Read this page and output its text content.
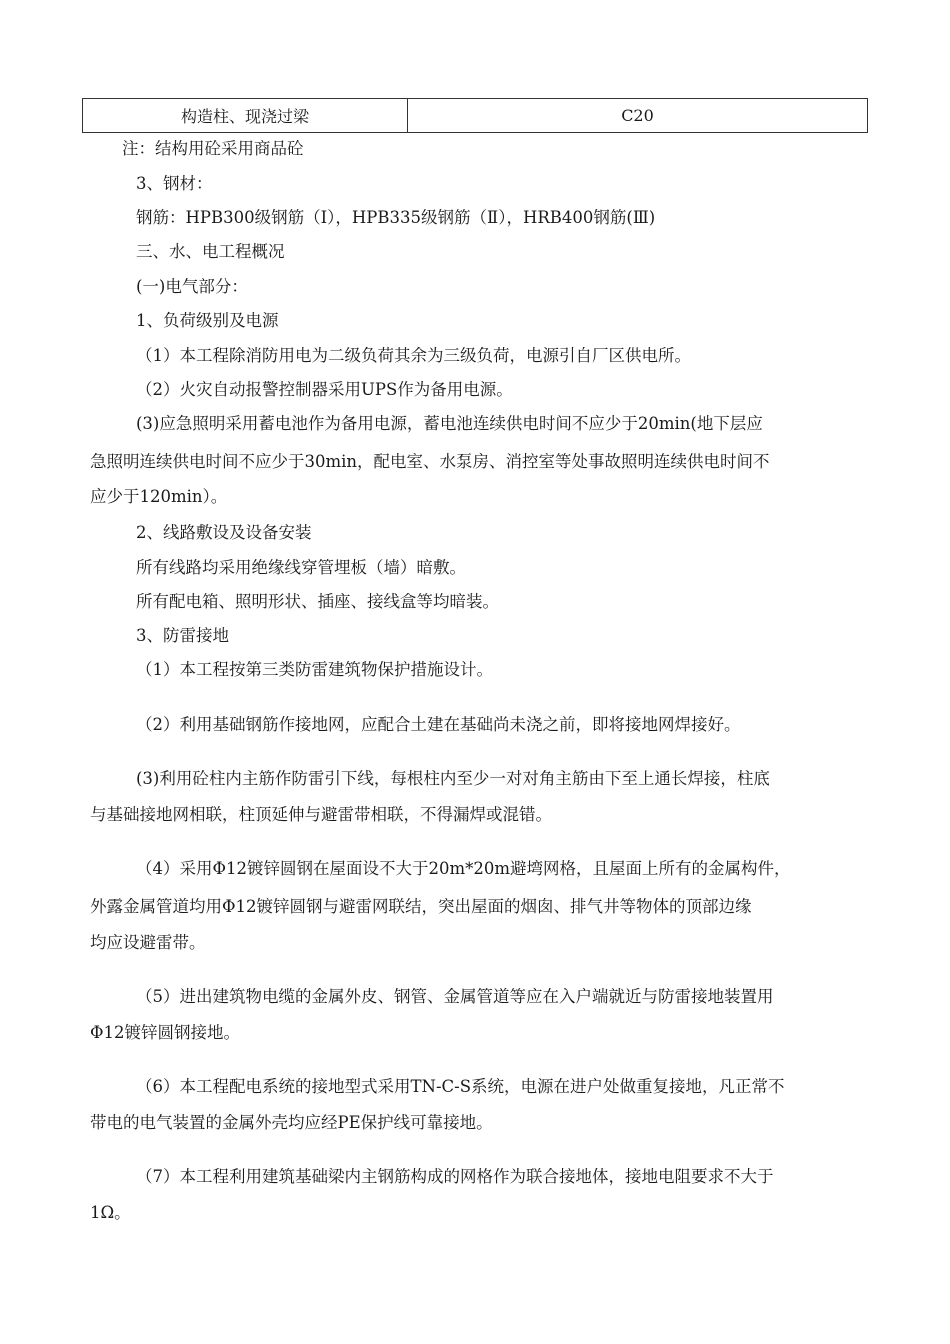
构造柱、现浇过梁	C20
注：结构用砼采用商品砼
3、钢材：
钢筋：HPB300级钢筋（Ⅰ），HPB335级钢筋（Ⅱ），HRB400钢筋(Ⅲ)
三、水、电工程概况
(一)电气部分：
1、负荷级别及电源
（1）本工程除消防用电为二级负荷其余为三级负荷，电源引自厂区供电所。
（2）火灾自动报警控制器采用UPS作为备用电源。
(3)应急照明采用蓄电池作为备用电源，蓄电池连续供电时间不应少于20min(地下层应
急照明连续供电时间不应少于30min，配电室、水泵房、消控室等处事故照明连续供电时间不
应少于120min）。
2、线路敷设及设备安装
所有线路均采用绝缘线穿管埋板（墙）暗敷。
所有配电箱、照明形状、插座、接线盒等均暗装。
3、防雷接地
（1）本工程按第三类防雷建筑物保护措施设计。
（2）利用基础钢筋作接地网，应配合土建在基础尚未浇之前，即将接地网焊接好。
(3)利用砼柱内主筋作防雷引下线，每根柱内至少一对对角主筋由下至上通长焊接，柱底
与基础接地网相联，柱顶延伸与避雷带相联，不得漏焊或混错。
（4）采用Φ12镀锌圆钢在屋面设不大于20m*20m避塆网格，且屋面上所有的金属构件，
外露金属管道均用Φ12镀锌圆钢与避雷网联结，突出屋面的烟囱、排气井等物体的顶部边缘
均应设避雷带。
（5）进出建筑物电缆的金属外皮、钢管、金属管道等应在入户端就近与防雷接地装置用
Φ12镀锌圆钢接地。
（6）本工程配电系统的接地型式采用TN-C-S系统，电源在进户处做重复接地，凡正常不
带电的电气装置的金属外壳均应经PE保护线可靠接地。
（7）本工程利用建筑基础梁内主钢筋构成的网格作为联合接地体，接地电阻要求不大于
1Ω。
